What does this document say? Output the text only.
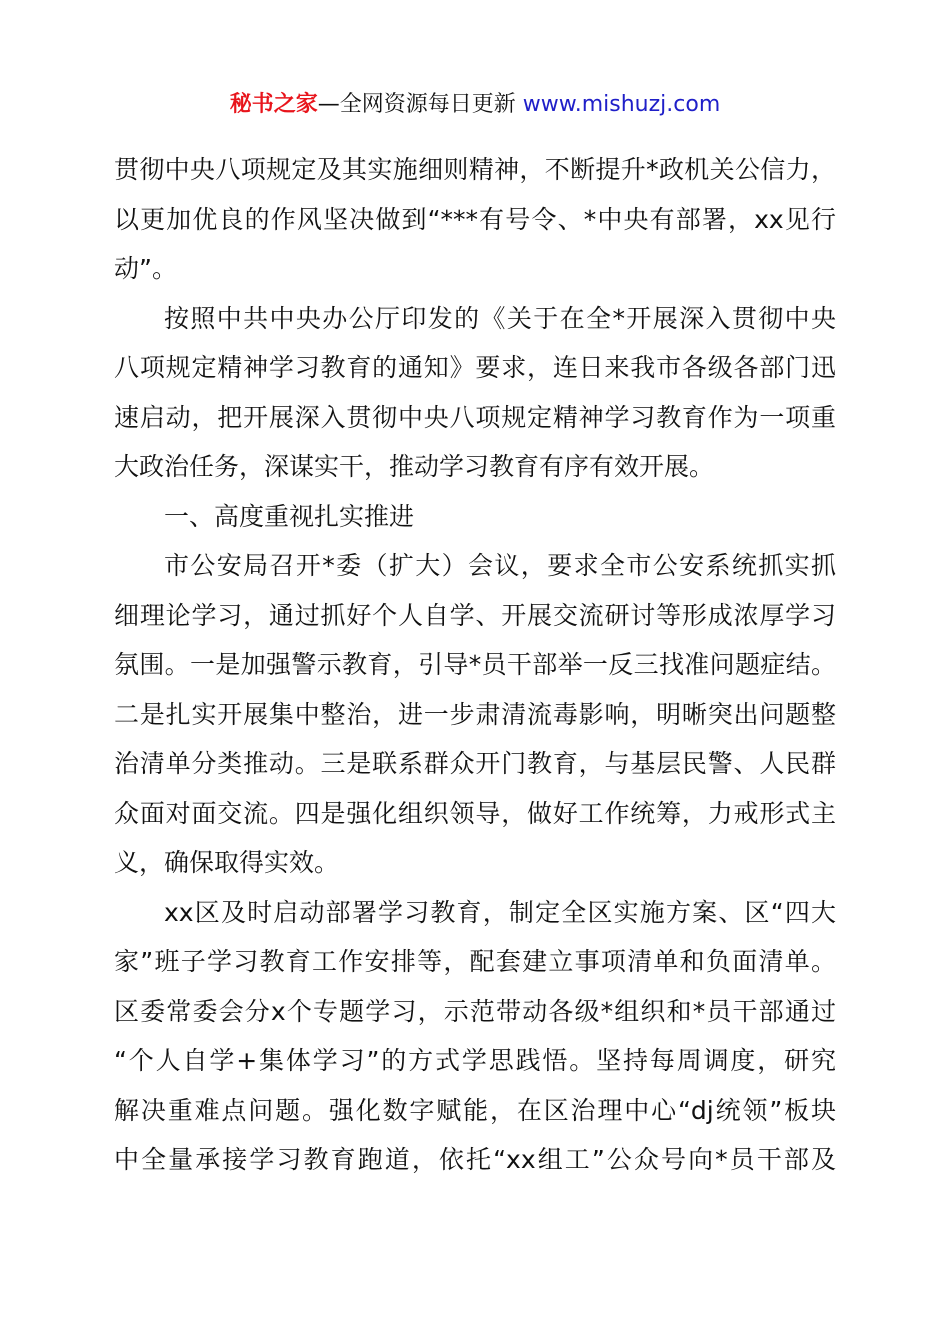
秘书之家—全网资源每日更新 www.mishuzj.com
贯彻中央八项规定及其实施细则精神，不断提升*政机关公信力，
以更加优良的作风坚决做到“***有号令、*中央有部署，xx见行
动”。
按照中共中央办公厅印发的《关于在全*开展深入贯彻中央
八项规定精神学习教育的通知》要求，连日来我市各级各部门迅
速启动，把开展深入贯彻中央八项规定精神学习教育作为一项重
大政治任务，深谋实干，推动学习教育有序有效开展。
一、高度重视扎实推进
市公安局召开*委（扩大）会议，要求全市公安系统抓实抓
细理论学习，通过抓好个人自学、开展交流研讨等形成浓厚学习
氛围。一是加强警示教育，引导*员干部举一反三找准问题症结。
二是扎实开展集中整治，进一步肃清流毒影响，明晰突出问题整
治清单分类推动。三是联系群众开门教育，与基层民警、人民群
众面对面交流。四是强化组织领导，做好工作统筹，力戒形式主
义，确保取得实效。
xx区及时启动部署学习教育，制定全区实施方案、区“四大
家”班子学习教育工作安排等，配套建立事项清单和负面清单。
区委常委会分x个专题学习，示范带动各级*组织和*员干部通过
“个人自学+集体学习”的方式学思践悟。坚持每周调度，研究
解决重难点问题。强化数字赋能，在区治理中心“dj统领”板块
中全量承接学习教育跑道，依托“xx组工”公众号向*员干部及
